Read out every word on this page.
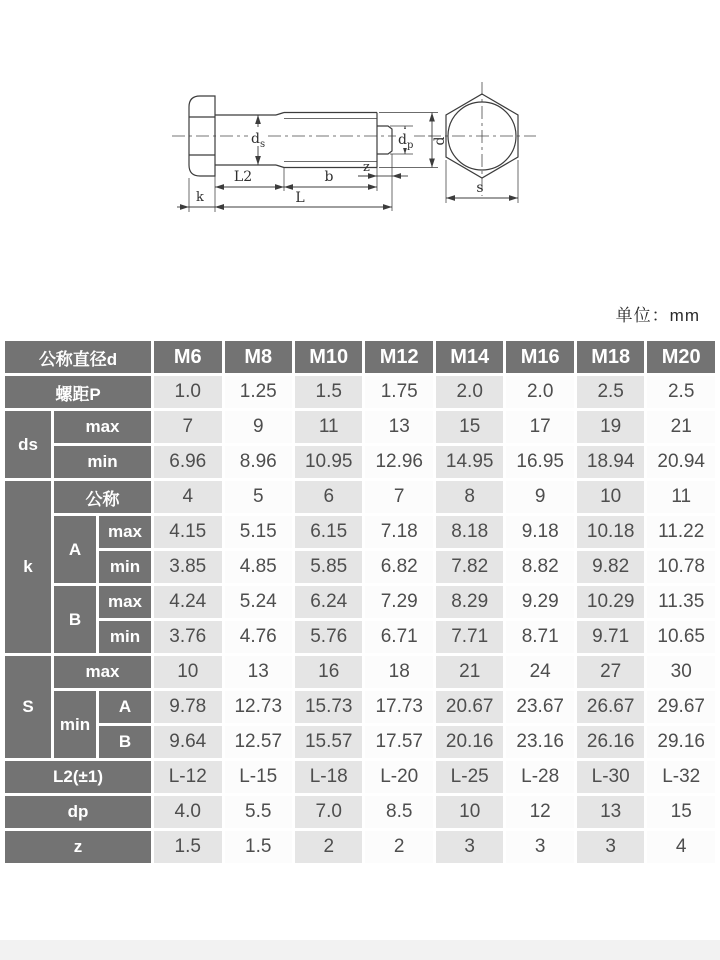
d s	d p d
z
L2	b
k	L
s
单位：mm
公称直径d			M6	M8	M10	M12	M14	M16	M18	M20
螺距P			1.0	1.25	1.5	1.75	2.0	2.0	2.5	2.5
ds	max		7	9	11	13	15	17	19	21
	min		6.96	8.96	10.95	12.96	14.95	16.95	18.94	20.94
k	公称		4	5	6	7	8	9	10	11
	A	max	4.15	5.15	6.15	7.18	8.18	9.18	10.18	11.22
		min	3.85	4.85	5.85	6.82	7.82	8.82	9.82	10.78
	B	max	4.24	5.24	6.24	7.29	8.29	9.29	10.29	11.35
		min	3.76	4.76	5.76	6.71	7.71	8.71	9.71	10.65
S	max		10	13	16	18	21	24	27	30
	min	A	9.78	12.73	15.73	17.73	20.67	23.67	26.67	29.67
		B	9.64	12.57	15.57	17.57	20.16	23.16	26.16	29.16
L2(±1)			L-12	L-15	L-18	L-20	L-25	L-28	L-30	L-32
dp			4.0	5.5	7.0	8.5	10	12	13	15
z			1.5	1.5	2	2	3	3	3	4
